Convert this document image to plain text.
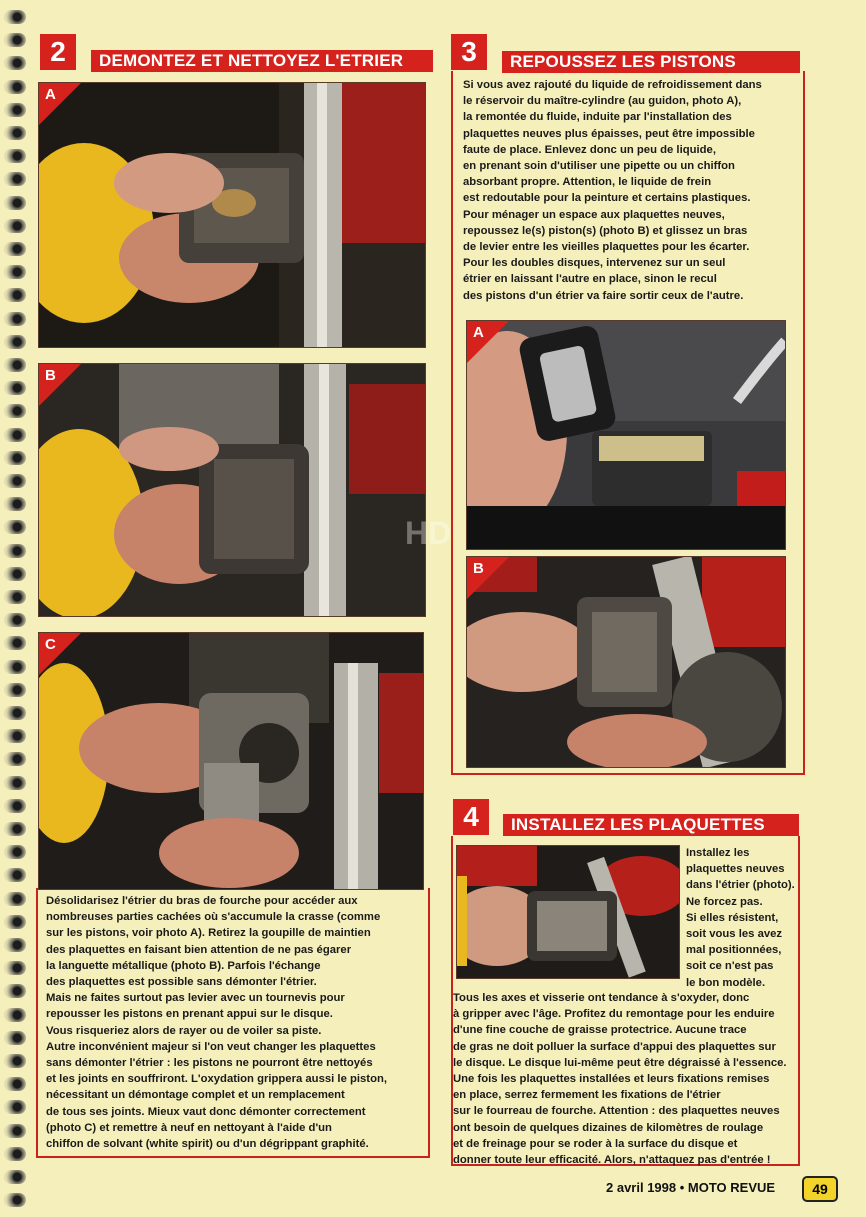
2	DEMONTEZ ET NETTOYEZ L'ETRIER
A
B
C

Désolidarisez l'étrier du bras de fourche pour accéder aux

nombreuses parties cachées où s'accumule la crasse (comme

sur les pistons, voir photo A). Retirez la goupille de maintien

des plaquettes en faisant bien attention de ne pas égarer

la languette métallique (photo B). Parfois l'échange

des plaquettes est possible sans démonter l'étrier.

Mais ne faites surtout pas levier avec un tournevis pour

repousser les pistons en prenant appui sur le disque.

Vous risqueriez alors de rayer ou de voiler sa piste.

Autre inconvénient majeur si l'on veut changer les plaquettes

sans démonter l'étrier : les pistons ne pourront être nettoyés

et les joints en souffriront. L'oxydation grippera aussi le piston,

nécessitant un démontage complet et un remplacement

de tous ses joints. Mieux vaut donc démonter correctement

(photo C) et remettre à neuf en nettoyant à l'aide d'un

chiffon de solvant (white spirit) ou d'un dégrippant graphité.

3	REPOUSSEZ LES PISTONS

Si vous avez rajouté du liquide de refroidissement dans

le réservoir du maître-cylindre (au guidon, photo A),

la remontée du fluide, induite par l'installation des

plaquettes neuves plus épaisses, peut être impossible

faute de place. Enlevez donc un peu de liquide,

en prenant soin d'utiliser une pipette ou un chiffon

absorbant propre. Attention, le liquide de frein

est redoutable pour la peinture et certains plastiques.

Pour ménager un espace aux plaquettes neuves,

repoussez le(s) piston(s) (photo B) et glissez un bras

de levier entre les vieilles plaquettes pour les écarter.

Pour les doubles disques, intervenez sur un seul

étrier en laissant l'autre en place, sinon le recul

des pistons d'un étrier va faire sortir ceux de l'autre.

A
B
4	INSTALLEZ LES PLAQUETTES

Installez les

plaquettes neuves

dans l'étrier (photo).

Ne forcez pas.

Si elles résistent,

soit vous les avez

mal positionnées,

soit ce n'est pas

le bon modèle.

Tous les axes et visserie ont tendance à s'oxyder, donc

à gripper avec l'âge. Profitez du remontage pour les enduire

d'une fine couche de graisse protectrice. Aucune trace

de gras ne doit polluer la surface d'appui des plaquettes sur

le disque. Le disque lui-même peut être dégraissé à l'essence.

Une fois les plaquettes installées et leurs fixations remises

en place, serrez fermement les fixations de l'étrier

sur le fourreau de fourche. Attention : des plaquettes neuves

ont besoin de quelques dizaines de kilomètres de roulage

et de freinage pour se roder à la surface du disque et

donner toute leur efficacité. Alors, n'attaquez pas d'entrée !

HD
2 avril 1998 • MOTO REVUE	49
